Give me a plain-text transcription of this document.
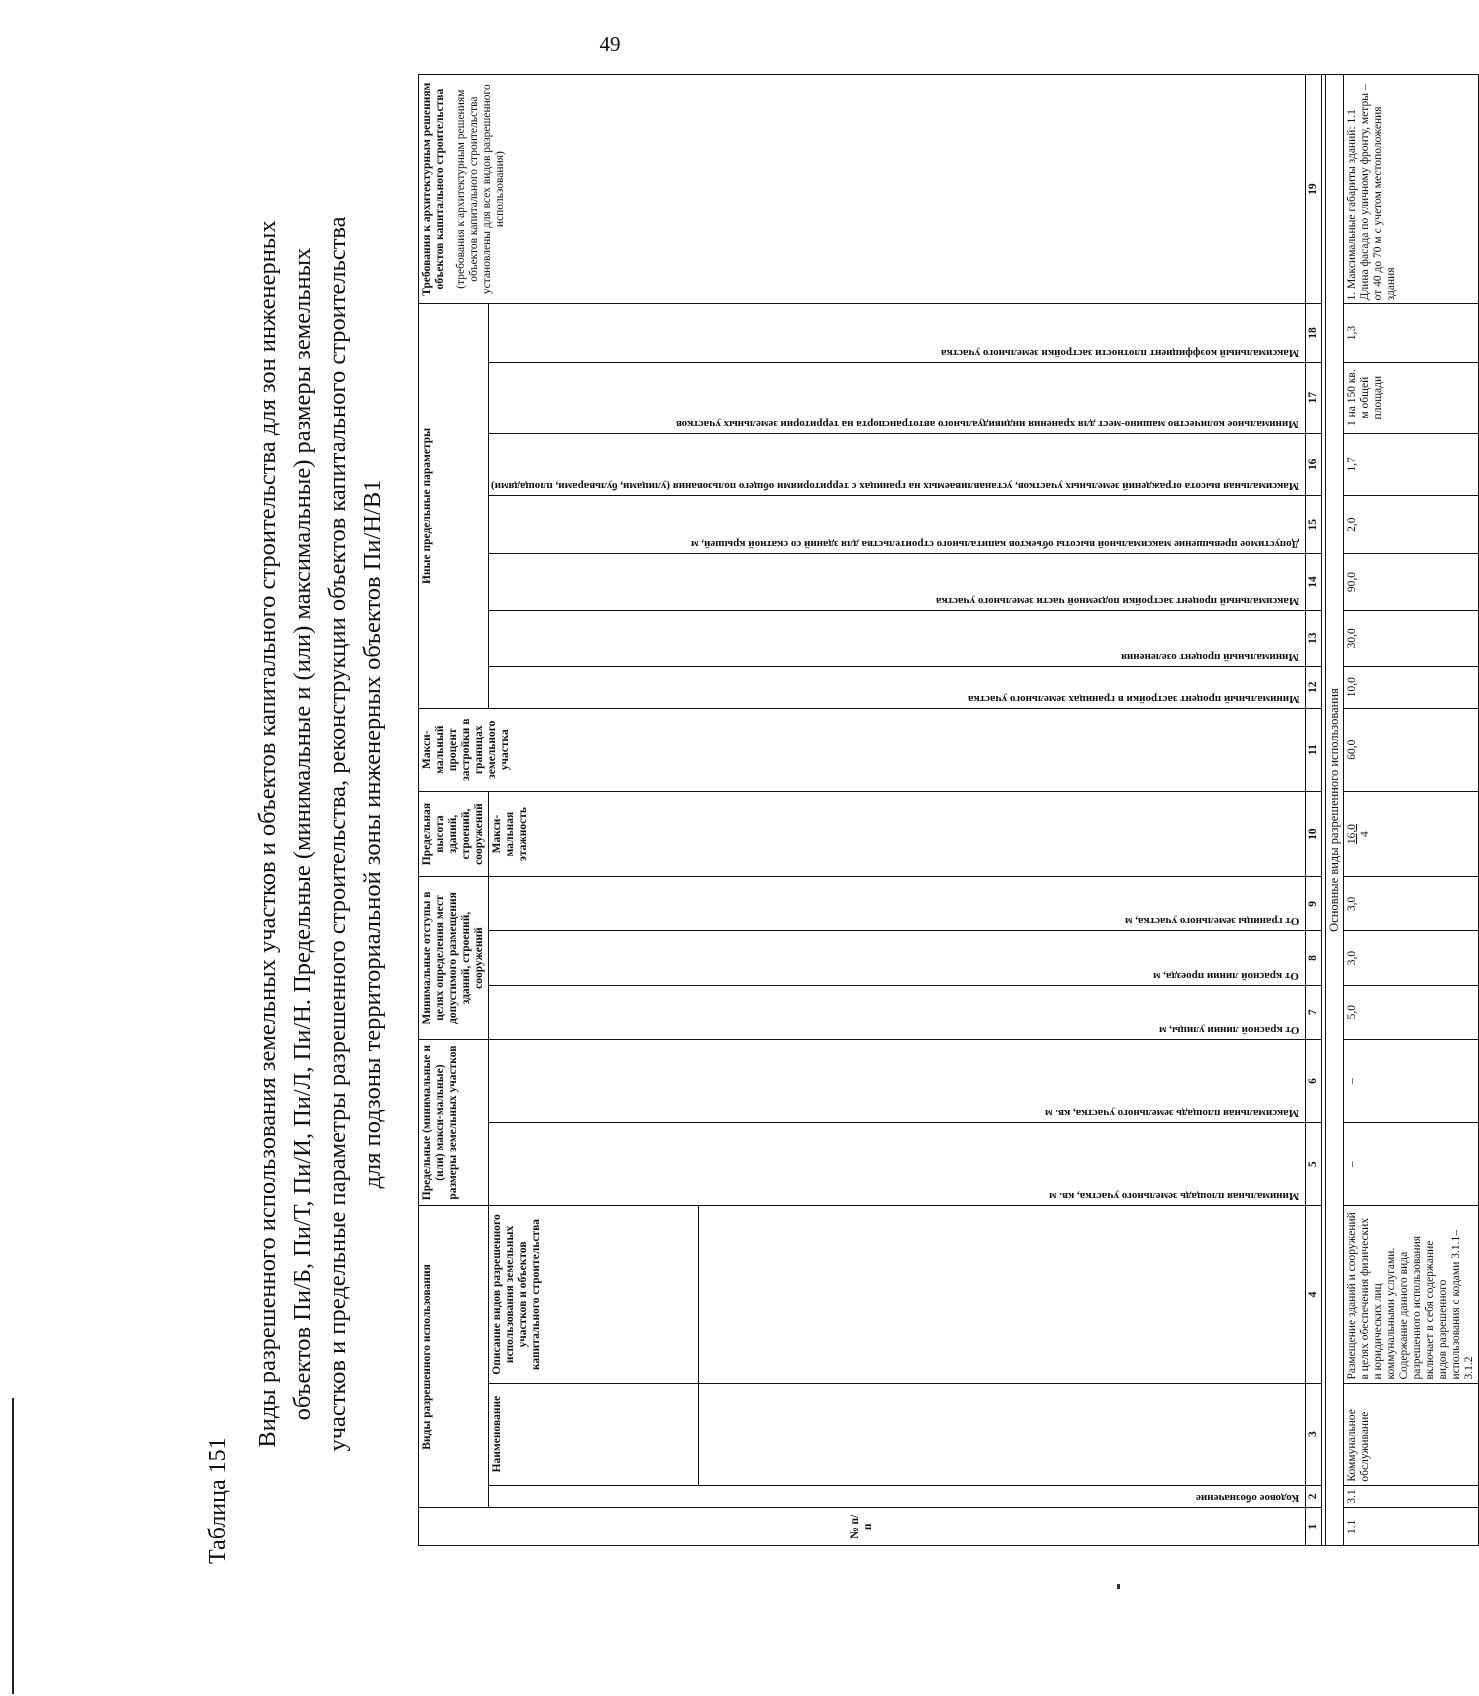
49
Таблица 151
Виды разрешенного использования земельных участков и объектов капитального строительства для зон инженерных объектов Пи/Б, Пи/Т, Пи/И, Пи/Л, Пи/Н. Предельные (минимальные и (или) максимальные) размеры земельных участков и предельные параметры разрешенного строительства, реконструкции объектов капитального строительства для подзоны территориальной зоны инженерных объектов Пи/Н/В1
№ п/п	Виды разрешенного использования			Предельные (минимальные и (или) макси-мальные) размеры земельных участков		Минимальные отступы в целях определения мест допустимого размещения зданий, строений, сооружений			Предельная высота зданий, строений, сооружений	Макси-мальный процент застройки в границах земельного участка	Иные предельные параметры							Требования к архитектурным решениям объектов капитального строительства (требования к архитектурным решениям объектов капитального строительства установлены для всех видов разрешенного использования)

	Кодовое обозначение	Наименование	Описание видов разрешенного использования земельных участков и объектов капитального строительства	Минимальная площадь земельного участка, кв. м	Максимальная площадь земельного участка, кв. м	От красной линии улицы, м	От красной линии проезда, м	От границы земельного участка, м	Макси-мальная этажность		Минимальный процент застройки в границах земельного участка	Минимальный процент озеленения	Максимальный процент застройки подземной части земельного участка	Допустимое превышение максимальной высоты объектов капитального строительства для зданий со скатной крышей, м	Максимальная высота ограждений земельных участков, устанавливаемых на границах с территориями общего пользования (улицами, бульварами, площадями)	Минимальное количество машино-мест для хранения индивидуального автотранспорта на территории земельных участков	Максимальный коэффициент плотности застройки земельного участка	

1	2	3	4	5	6	7	8	9	10	11	12	13	14	15	16	17	18	19

Основные виды разрешенного использования																		
1.1	3.1	Коммунальное обслуживание	Размещение зданий и сооружений в целях обеспечения физических и юридических лиц коммунальными услугами. Содержание данного вида разрешенного использования включает в себя содержание видов разрешенного использования с кодами 3.1.1–3.1.2	–	–	5,0	3,0	3,0	16,0 4	60,0	10,0	30,0	90,0	2,0	1,7	1 на 150 кв. м общей площади	1,3	1. Максимальные габариты зданий: 1.1 Длина фасада по уличному фронту, метры – от 40 до 70 м с учетом местоположения здания
